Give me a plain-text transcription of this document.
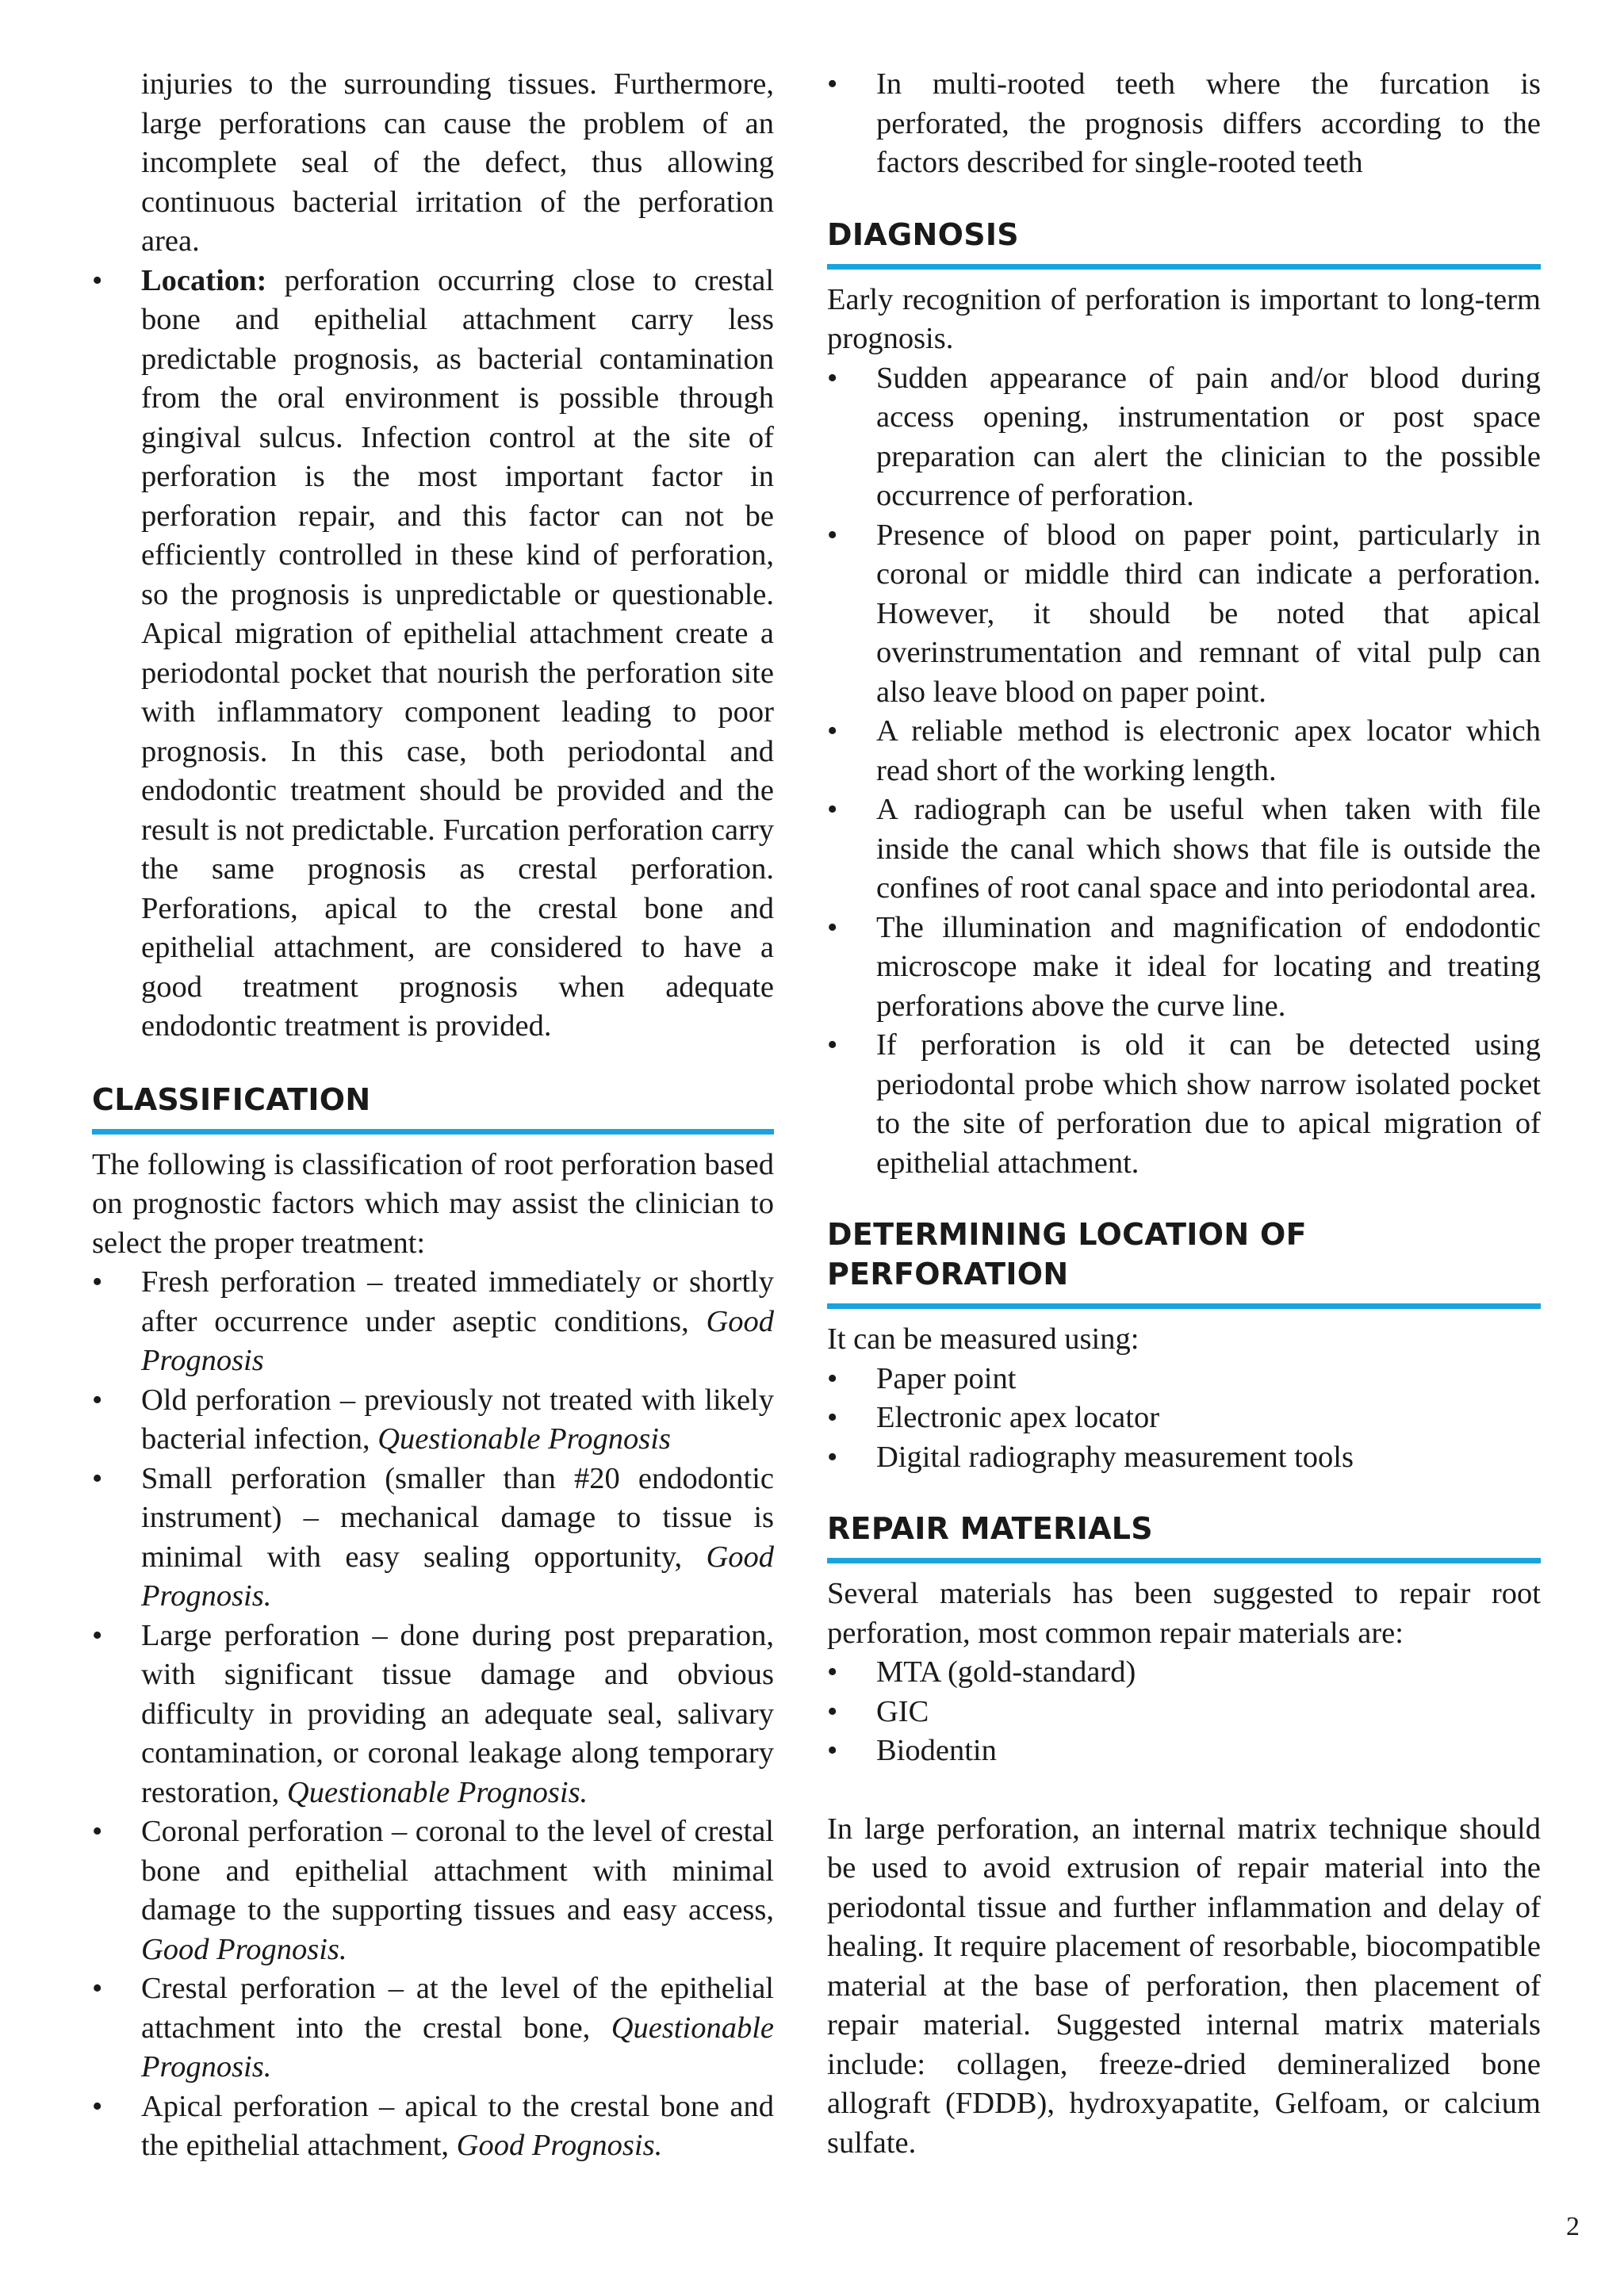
injuries to the surrounding tissues. Furthermore, large perforations can cause the problem of an incomplete seal of the defect, thus allowing continuous bacterial irritation of the perforation area.

• Location: perforation occurring close to crestal bone and epithelial attachment carry less predictable prognosis, as bacterial contamination from the oral environment is possible through gingival sulcus. Infection control at the site of perforation is the most important factor in perforation repair, and this factor can not be efficiently controlled in these kind of perforation, so the prognosis is unpredictable or questionable. Apical migration of epithelial attachment create a periodontal pocket that nourish the perforation site with inflammatory component leading to poor prognosis. In this case, both periodontal and endodontic treatment should be provided and the result is not predictable. Furcation perforation carry the same prognosis as crestal perforation. Perforations, apical to the crestal bone and epithelial attachment, are considered to have a good treatment prognosis when adequate endodontic treatment is provided.
CLASSIFICATION

The following is classification of root perforation based on prognostic factors which may assist the clinician to select the proper treatment:

• Fresh perforation – treated immediately or shortly after occurrence under aseptic conditions, Good Prognosis
• Old perforation – previously not treated with likely bacterial infection, Questionable Prognosis
• Small perforation (smaller than #20 endodontic instrument) – mechanical damage to tissue is minimal with easy sealing opportunity, Good Prognosis.
• Large perforation – done during post preparation, with significant tissue damage and obvious difficulty in providing an adequate seal, salivary contamination, or coronal leakage along temporary restoration, Questionable Prognosis.
• Coronal perforation – coronal to the level of crestal bone and epithelial attachment with minimal damage to the supporting tissues and easy access, Good Prognosis.
• Crestal perforation – at the level of the epithelial attachment into the crestal bone, Questionable Prognosis.
• Apical perforation – apical to the crestal bone and the epithelial attachment, Good Prognosis.
• In multi-rooted teeth where the furcation is perforated, the prognosis differs according to the factors described for single-rooted teeth
DIAGNOSIS

Early recognition of perforation is important to long-term prognosis.

• Sudden appearance of pain and/or blood during access opening, instrumentation or post space preparation can alert the clinician to the possible occurrence of perforation.
• Presence of blood on paper point, particularly in coronal or middle third can indicate a perforation. However, it should be noted that apical overinstrumentation and remnant of vital pulp can also leave blood on paper point.
• A reliable method is electronic apex locator which read short of the working length.
• A radiograph can be useful when taken with file inside the canal which shows that file is outside the confines of root canal space and into periodontal area.
• The illumination and magnification of endodontic microscope make it ideal for locating and treating perforations above the curve line.
• If perforation is old it can be detected using periodontal probe which show narrow isolated pocket to the site of perforation due to apical migration of epithelial attachment.
DETERMINING LOCATION OF
PERFORATION

It can be measured using:

• Paper point
• Electronic apex locator
• Digital radiography measurement tools
REPAIR MATERIALS

Several materials has been suggested to repair root perforation, most common repair materials are:

• MTA (gold-standard)
• GIC
• Biodentin

In large perforation, an internal matrix technique should be used to avoid extrusion of repair material into the periodontal tissue and further inflammation and delay of healing. It require placement of resorbable, biocompatible material at the base of perforation, then placement of repair material. Suggested internal matrix materials include: collagen, freeze-dried demineralized bone allograft (FDDB), hydroxyapatite, Gelfoam, or calcium sulfate.

2
